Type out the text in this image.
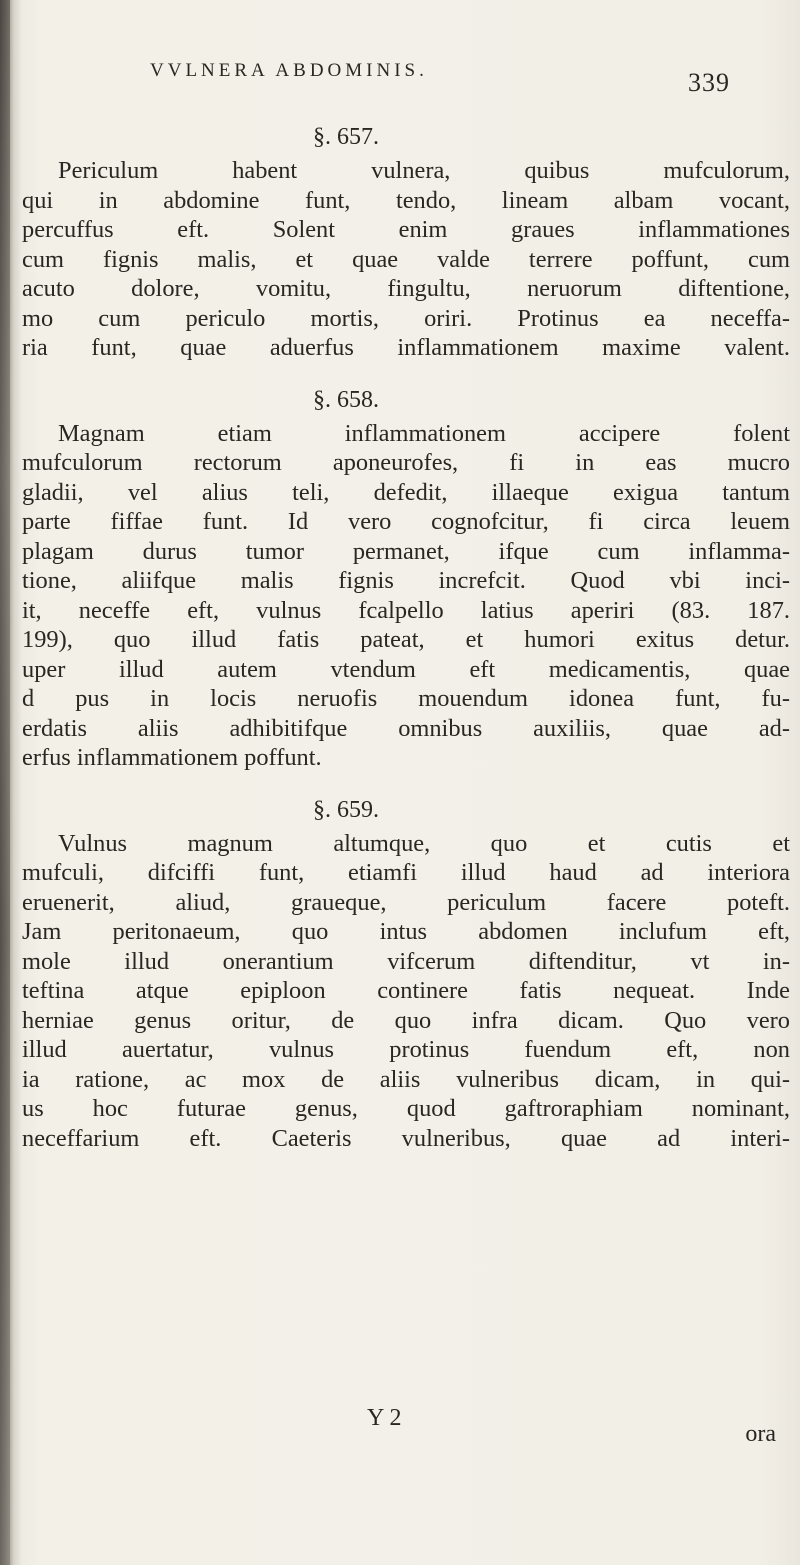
VVLNERA ABDOMINIS.	339
§. 657.
Periculum habent vulnera, quibus mufculorum,
qui in abdomine funt, tendo, lineam albam vocant,
percuffus eft. Solent enim graues inflammationes
cum fignis malis, et quae valde terrere poffunt, cum
acuto dolore, vomitu, fingultu, neruorum diftentione,
mo cum periculo mortis, oriri. Protinus ea neceffa-
ria funt, quae aduerfus inflammationem maxime valent.
§. 658.
Magnam etiam inflammationem accipere folent
mufculorum rectorum aponeurofes, fi in eas mucro
gladii, vel alius teli, defedit, illaeque exigua tantum
parte fiffae funt. Id vero cognofcitur, fi circa leuem
plagam durus tumor permanet, ifque cum inflamma-
tione, aliifque malis fignis increfcit. Quod vbi inci-
it, neceffe eft, vulnus fcalpello latius aperiri (83. 187.
199), quo illud fatis pateat, et humori exitus detur.
uper illud autem vtendum eft medicamentis, quae
d pus in locis neruofis mouendum idonea funt, fu-
erdatis aliis adhibitifque omnibus auxiliis, quae ad-
erfus inflammationem poffunt.
§. 659.
Vulnus magnum altumque, quo et cutis et
mufculi, difciffi funt, etiamfi illud haud ad interiora
eruenerit, aliud, graueque, periculum facere poteft.
Jam peritonaeum, quo intus abdomen inclufum eft,
mole illud onerantium vifcerum diftenditur, vt in-
teftina atque epiploon continere fatis nequeat. Inde
herniae genus oritur, de quo infra dicam. Quo vero
illud auertatur, vulnus protinus fuendum eft, non
ia ratione, ac mox de aliis vulneribus dicam, in qui-
us hoc futurae genus, quod gaftroraphiam nominant,
neceffarium eft. Caeteris vulneribus, quae ad interi-
Y 2
ora
